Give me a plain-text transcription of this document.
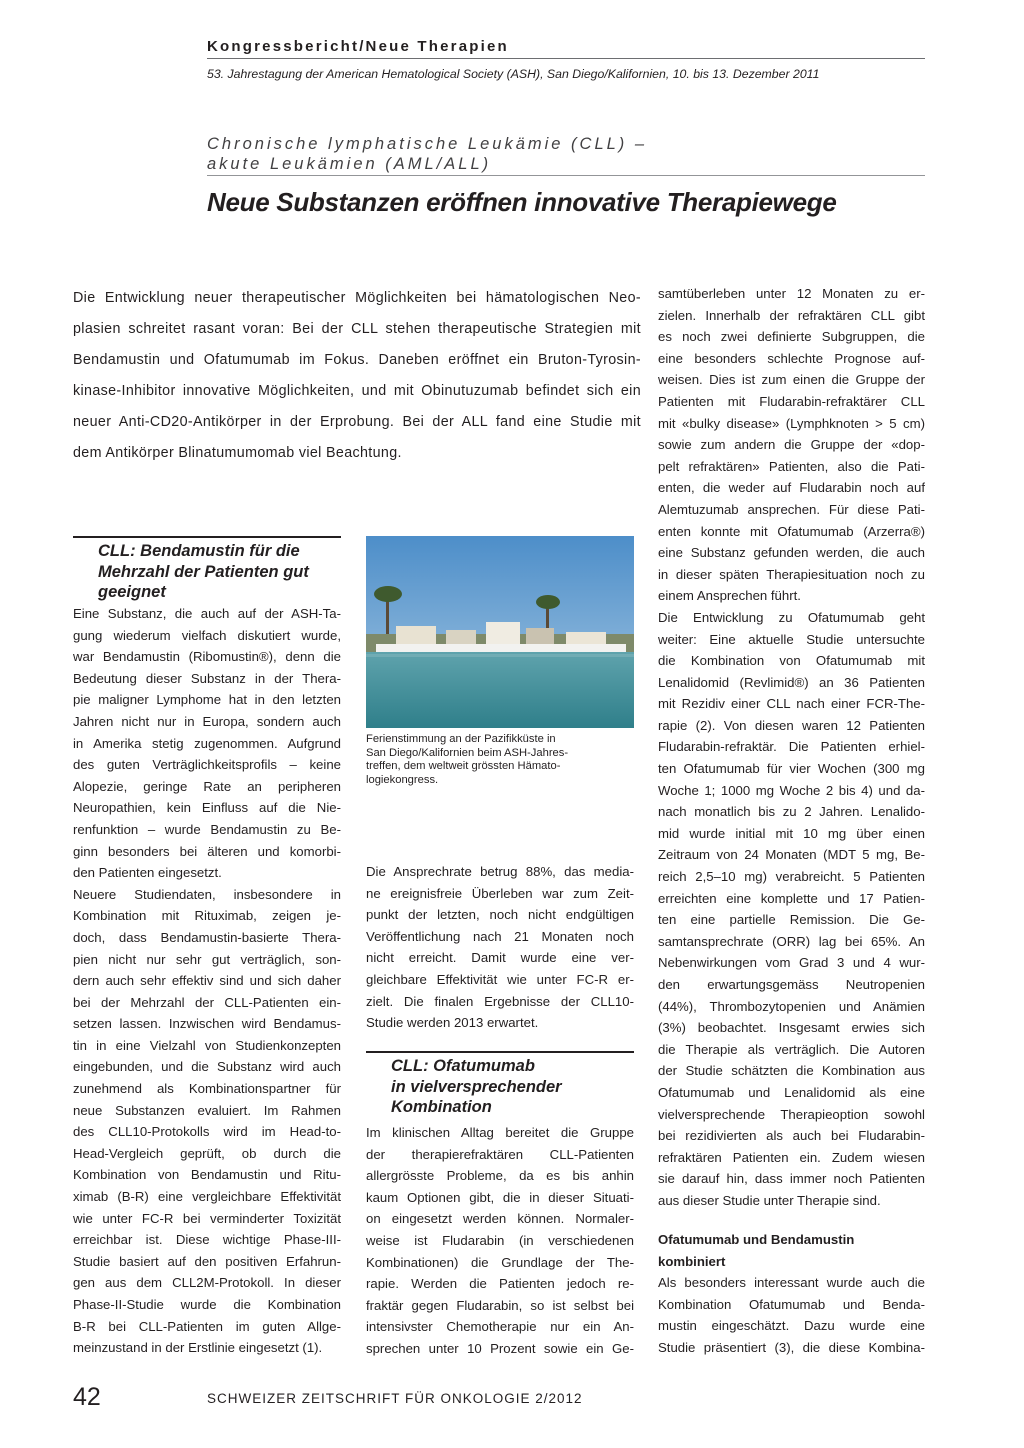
Kongressbericht/Neue Therapien
53. Jahrestagung der American Hematological Society (ASH), San Diego/Kalifornien, 10. bis 13. Dezember 2011
Chronische lymphatische Leukämie (CLL) –
akute Leukämien (AML/ALL)
Neue Substanzen eröffnen innovative Therapiewege
Die Entwicklung neuer therapeutischer Möglichkeiten bei hämatologischen Neo-
plasien schreitet rasant voran: Bei der CLL stehen therapeutische Strategien mit
Bendamustin und Ofatumumab im Fokus. Daneben eröffnet ein Bruton-Tyrosin-
kinase-Inhibitor innovative Möglichkeiten, und mit Obinutuzumab befindet sich ein
neuer Anti-CD20-Antikörper in der Erprobung. Bei der ALL fand eine Studie mit
dem Antikörper Blinatumumomab viel Beachtung.
CLL: Bendamustin für die
Mehrzahl der Patienten gut
geeignet
Eine Substanz, die auch auf der ASH-Ta-
gung wiederum vielfach diskutiert wurde,
war Bendamustin (Ribomustin®), denn die
Bedeutung dieser Substanz in der Thera-
pie maligner Lymphome hat in den letzten
Jahren nicht nur in Europa, sondern auch
in Amerika stetig zugenommen. Aufgrund
des guten Verträglichkeitsprofils – keine
Alopezie, geringe Rate an peripheren
Neuropathien, kein Einfluss auf die Nie-
renfunktion – wurde Bendamustin zu Be-
ginn besonders bei älteren und komorbi-
den Patienten eingesetzt.
Neuere Studiendaten, insbesondere in
Kombination mit Rituximab, zeigen je-
doch, dass Bendamustin-basierte Thera-
pien nicht nur sehr gut verträglich, son-
dern auch sehr effektiv sind und sich daher
bei der Mehrzahl der CLL-Patienten ein-
setzen lassen. Inzwischen wird Bendamus-
tin in eine Vielzahl von Studienkonzepten
eingebunden, und die Substanz wird auch
zunehmend als Kombinationspartner für
neue Substanzen evaluiert. Im Rahmen
des CLL10-Protokolls wird im Head-to-
Head-Vergleich geprüft, ob durch die
Kombination von Bendamustin und Ritu-
ximab (B-R) eine vergleichbare Effektivität
wie unter FC-R bei verminderter Toxizität
erreichbar ist. Diese wichtige Phase-III-
Studie basiert auf den positiven Erfahrun-
gen aus dem CLL2M-Protokoll. In dieser
Phase-II-Studie wurde die Kombination
B-R bei CLL-Patienten im guten Allge-
meinzustand in der Erstlinie eingesetzt (1).
Ferienstimmung an der Pazifikküste in
San Diego/Kalifornien beim ASH-Jahres-
treffen, dem weltweit grössten Hämato-
logiekongress.
Die Ansprechrate betrug 88%, das media-
ne ereignisfreie Überleben war zum Zeit-
punkt der letzten, noch nicht endgültigen
Veröffentlichung nach 21 Monaten noch
nicht erreicht. Damit wurde eine ver-
gleichbare Effektivität wie unter FC-R er-
zielt. Die finalen Ergebnisse der CLL10-
Studie werden 2013 erwartet.
CLL: Ofatumumab
in vielversprechender
Kombination
Im klinischen Alltag bereitet die Gruppe
der therapierefraktären CLL-Patienten
allergrösste Probleme, da es bis anhin
kaum Optionen gibt, die in dieser Situati-
on eingesetzt werden können. Normaler-
weise ist Fludarabin (in verschiedenen
Kombinationen) die Grundlage der The-
rapie. Werden die Patienten jedoch re-
fraktär gegen Fludarabin, so ist selbst bei
intensivster Chemotherapie nur ein An-
sprechen unter 10 Prozent sowie ein Ge-
samtüberleben unter 12 Monaten zu er-
zielen. Innerhalb der refraktären CLL gibt
es noch zwei definierte Subgruppen, die
eine besonders schlechte Prognose auf-
weisen. Dies ist zum einen die Gruppe der
Patienten mit Fludarabin-refraktärer CLL
mit «bulky disease» (Lymphknoten > 5 cm)
sowie zum andern die Gruppe der «dop-
pelt refraktären» Patienten, also die Pati-
enten, die weder auf Fludarabin noch auf
Alemtuzumab ansprechen. Für diese Pati-
enten konnte mit Ofatumumab (Arzerra®)
eine Substanz gefunden werden, die auch
in dieser späten Therapiesituation noch zu
einem Ansprechen führt.
Die Entwicklung zu Ofatumumab geht
weiter: Eine aktuelle Studie untersuchte
die Kombination von Ofatumumab mit
Lenalidomid (Revlimid®) an 36 Patienten
mit Rezidiv einer CLL nach einer FCR-The-
rapie (2). Von diesen waren 12 Patienten
Fludarabin-refraktär. Die Patienten erhiel-
ten Ofatumumab für vier Wochen (300 mg
Woche 1; 1000 mg Woche 2 bis 4) und da-
nach monatlich bis zu 2 Jahren. Lenalido-
mid wurde initial mit 10 mg über einen
Zeitraum von 24 Monaten (MDT 5 mg, Be-
reich 2,5–10 mg) verabreicht. 5 Patienten
erreichten eine komplette und 17 Patien-
ten eine partielle Remission. Die Ge-
samtansprechrate (ORR) lag bei 65%. An
Nebenwirkungen vom Grad 3 und 4 wur-
den erwartungsgemäss Neutropenien
(44%), Thrombozytopenien und Anämien
(3%) beobachtet. Insgesamt erwies sich
die Therapie als verträglich. Die Autoren
der Studie schätzten die Kombination aus
Ofatumumab und Lenalidomid als eine
vielversprechende Therapieoption sowohl
bei rezidivierten als auch bei Fludarabin-
refraktären Patienten ein. Zudem wiesen
sie darauf hin, dass immer noch Patienten
aus dieser Studie unter Therapie sind.
Ofatumumab und Bendamustin
kombiniert
Als besonders interessant wurde auch die
Kombination Ofatumumab und Benda-
mustin eingeschätzt. Dazu wurde eine
Studie präsentiert (3), die diese Kombina-
42	SCHWEIZER ZEITSCHRIFT FÜR ONKOLOGIE 2/2012
